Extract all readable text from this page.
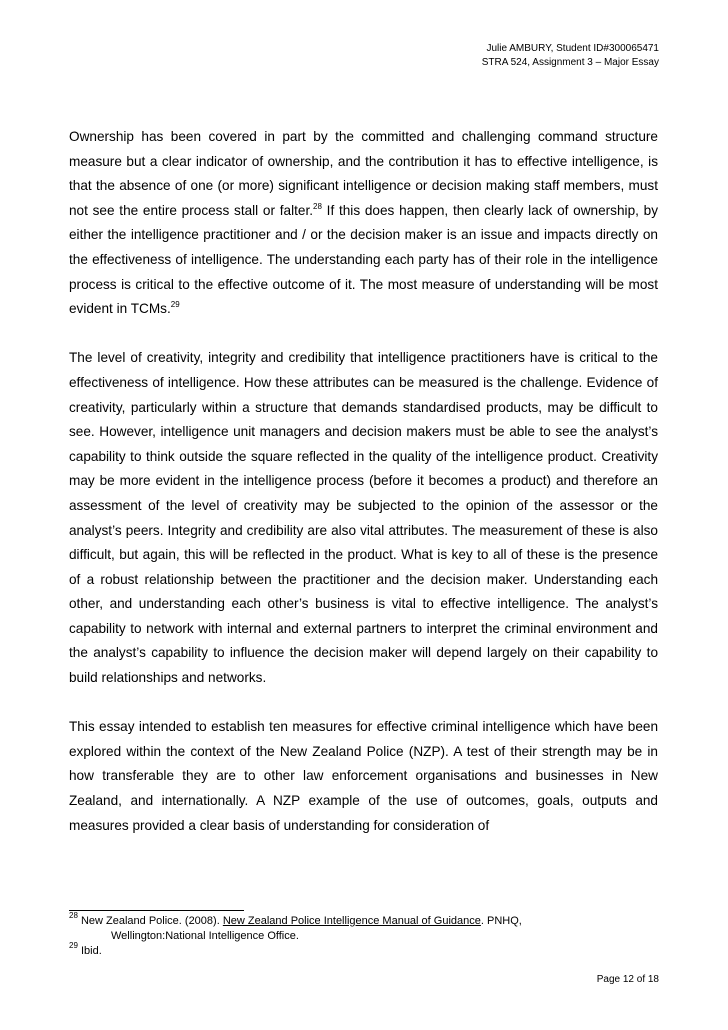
Julie AMBURY, Student ID#300065471
STRA 524, Assignment 3 – Major Essay

Ownership has been covered in part by the committed and challenging command structure measure but a clear indicator of ownership, and the contribution it has to effective intelligence, is that the absence of one (or more) significant intelligence or decision making staff members, must not see the entire process stall or falter.$^{28}$ If this does happen, then clearly lack of ownership, by either the intelligence practitioner and / or the decision maker is an issue and impacts directly on the effectiveness of intelligence. The understanding each party has of their role in the intelligence process is critical to the effective outcome of it. The most measure of understanding will be most evident in TCMs.$^{29}$

The level of creativity, integrity and credibility that intelligence practitioners have is critical to the effectiveness of intelligence. How these attributes can be measured is the challenge. Evidence of creativity, particularly within a structure that demands standardised products, may be difficult to see. However, intelligence unit managers and decision makers must be able to see the analyst’s capability to think outside the square reflected in the quality of the intelligence product. Creativity may be more evident in the intelligence process (before it becomes a product) and therefore an assessment of the level of creativity may be subjected to the opinion of the assessor or the analyst’s peers. Integrity and credibility are also vital attributes. The measurement of these is also difficult, but again, this will be reflected in the product. What is key to all of these is the presence of a robust relationship between the practitioner and the decision maker. Understanding each other, and understanding each other’s business is vital to effective intelligence. The analyst’s capability to network with internal and external partners to interpret the criminal environment and the analyst’s capability to influence the decision maker will depend largely on their capability to build relationships and networks.

This essay intended to establish ten measures for effective criminal intelligence which have been explored within the context of the New Zealand Police (NZP). A test of their strength may be in how transferable they are to other law enforcement organisations and businesses in New Zealand, and internationally. A NZP example of the use of outcomes, goals, outputs and measures provided a clear basis of understanding for consideration of

$^{28}$ New Zealand Police. (2008). New Zealand Police Intelligence Manual of Guidance. PNHQ,
Wellington:National Intelligence Office.

$^{29}$ Ibid.

Page 12 of 18
